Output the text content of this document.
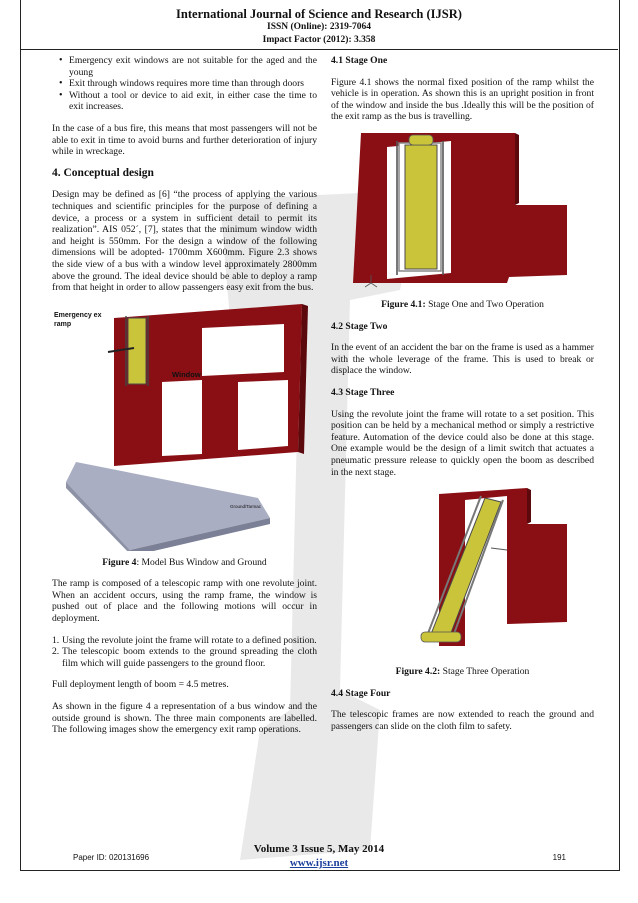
International Journal of Science and Research (IJSR)
ISSN (Online): 2319-7064
Impact Factor (2012): 3.358
• Emergency exit windows are not suitable for the aged and the young
• Exit through windows requires more time than through doors
• Without a tool or device to aid exit, in either case the time to exit increases.

In the case of a bus fire, this means that most passengers will not be able to exit in time to avoid burns and further deterioration of injury while in wreckage.

4. Conceptual design

Design may be defined as [6] “the process of applying the various techniques and scientific principles for the purpose of defining a device, a process or a system in sufficient detail to permit its realization”. AIS 052´, [7], states that the minimum window width and height is 550mm. For the design a window of the following dimensions will be adopted- 1700mm X600mm. Figure 2.3 shows the side view of a bus with a window level approximately 2800mm above the ground. The ideal device should be able to deploy a ramp from that height in order to allow passengers easy exit from the bus.

Emergency ex
ramp
Window
Ground/Tarmac
Figure 4: Model Bus Window and Ground

The ramp is composed of a telescopic ramp with one revolute joint. When an accident occurs, using the ramp frame, the window is pushed out of place and the following motions will occur in deployment.

1. Using the revolute joint the frame will rotate to a defined position.
2. The telescopic boom extends to the ground spreading the cloth film which will guide passengers to the ground floor.

Full deployment length of boom = 4.5 metres.

As shown in the figure 4 a representation of a bus window and the outside ground is shown. The three main components are labelled. The following images show the emergency exit ramp operations.

4.1 Stage One

Figure 4.1 shows the normal fixed position of the ramp whilst the vehicle is in operation. As shown this is an upright position in front of the window and inside the bus .Ideally this will be the position of the exit ramp as the bus is travelling.

Figure 4.1: Stage One and Two Operation
4.2 Stage Two

In the event of an accident the bar on the frame is used as a hammer with the whole leverage of the frame. This is used to break or displace the window.

4.3 Stage Three

Using the revolute joint the frame will rotate to a set position. This position can be held by a mechanical method or simply a restrictive feature. Automation of the device could also be done at this stage. One example would be the design of a limit switch that actuates a pneumatic pressure release to quickly open the boom as described in the next stage.

Figure 4.2: Stage Three Operation
4.4 Stage Four

The telescopic frames are now extended to reach the ground and passengers can slide on the cloth film to safety.

Volume 3 Issue 5, May 2014
www.ijsr.net
Paper ID: 020131696	191
